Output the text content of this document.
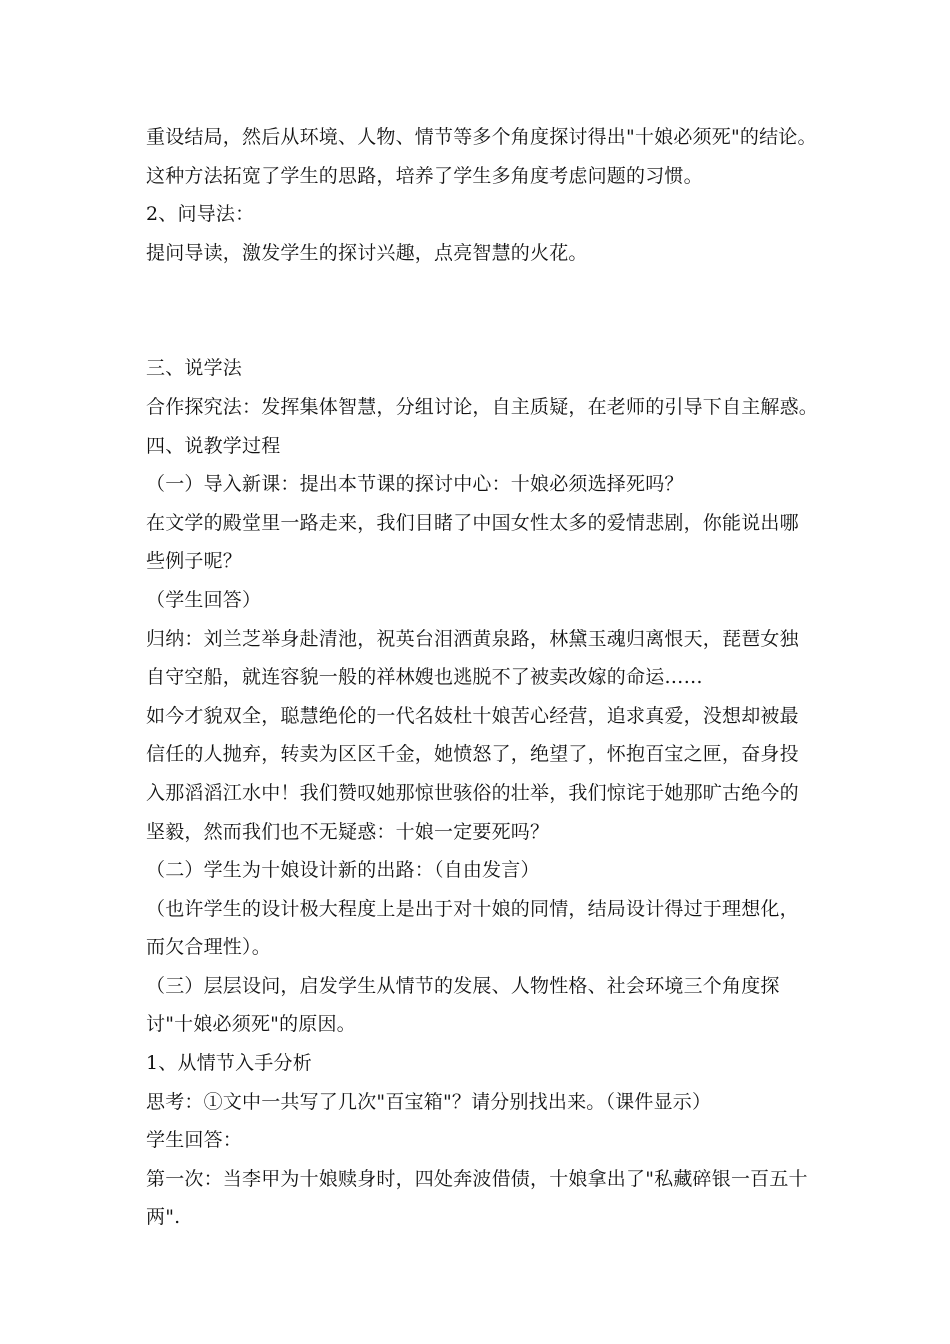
重设结局，然后从环境、人物、情节等多个角度探讨得出"十娘必须死"的结论。
这种方法拓宽了学生的思路，培养了学生多角度考虑问题的习惯。
2、问导法：
提问导读，激发学生的探讨兴趣，点亮智慧的火花。
三、说学法
合作探究法：发挥集体智慧，分组讨论，自主质疑，在老师的引导下自主解惑。
四、说教学过程
（一）导入新课：提出本节课的探讨中心：十娘必须选择死吗？
在文学的殿堂里一路走来，我们目睹了中国女性太多的爱情悲剧，你能说出哪
些例子呢？
（学生回答）
归纳：刘兰芝举身赴清池，祝英台泪洒黄泉路，林黛玉魂归离恨天，琵琶女独
自守空船，就连容貌一般的祥林嫂也逃脱不了被卖改嫁的命运……
如今才貌双全，聪慧绝伦的一代名妓杜十娘苦心经营，追求真爱，没想却被最
信任的人抛弃，转卖为区区千金，她愤怒了，绝望了，怀抱百宝之匣，奋身投
入那滔滔江水中！我们赞叹她那惊世骇俗的壮举，我们惊诧于她那旷古绝今的
坚毅，然而我们也不无疑惑：十娘一定要死吗？
（二）学生为十娘设计新的出路：（自由发言）
（也许学生的设计极大程度上是出于对十娘的同情，结局设计得过于理想化，
而欠合理性）。
（三）层层设问，启发学生从情节的发展、人物性格、社会环境三个角度探
讨"十娘必须死"的原因。
1、从情节入手分析
思考：①文中一共写了几次"百宝箱"？请分别找出来。（课件显示）
学生回答：
第一次：当李甲为十娘赎身时，四处奔波借债，十娘拿出了"私藏碎银一百五十
两".
